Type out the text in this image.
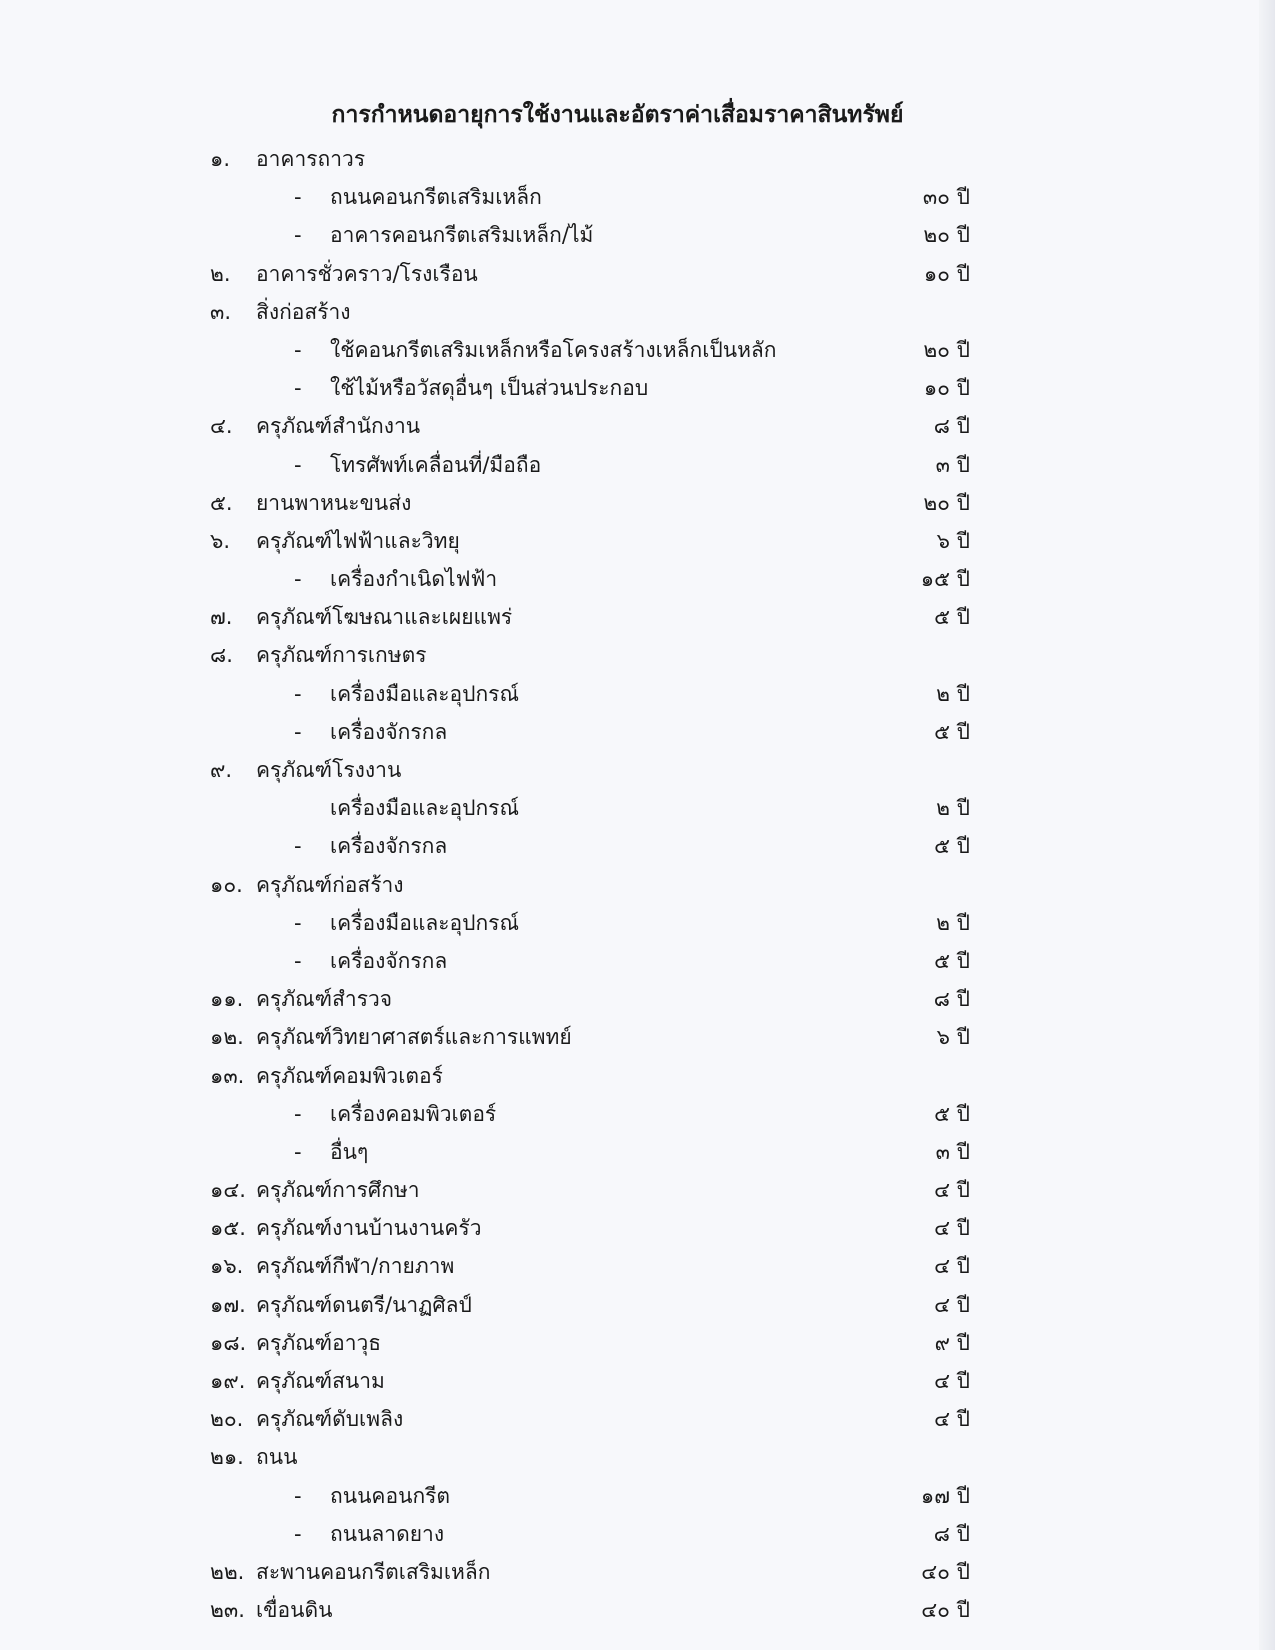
การกำหนดอายุการใช้งานและอัตราค่าเสื่อมราคาสินทรัพย์
๑. อาคารถาวร
- ถนนคอนกรีตเสริมเหล็ก	๓๐ ปี
- อาคารคอนกรีตเสริมเหล็ก/ไม้	๒๐ ปี
๒. อาคารชั่วคราว/โรงเรือน	๑๐ ปี
๓. สิ่งก่อสร้าง
- ใช้คอนกรีตเสริมเหล็กหรือโครงสร้างเหล็กเป็นหลัก	๒๐ ปี
- ใช้ไม้หรือวัสดุอื่นๆ เป็นส่วนประกอบ	๑๐ ปี
๔. ครุภัณฑ์สำนักงาน	๘ ปี
- โทรศัพท์เคลื่อนที่/มือถือ	๓ ปี
๕. ยานพาหนะขนส่ง	๒๐ ปี
๖. ครุภัณฑ์ไฟฟ้าและวิทยุ	๖ ปี
- เครื่องกำเนิดไฟฟ้า	๑๕ ปี
๗. ครุภัณฑ์โฆษณาและเผยแพร่	๕ ปี
๘. ครุภัณฑ์การเกษตร
- เครื่องมือและอุปกรณ์	๒ ปี
- เครื่องจักรกล	๕ ปี
๙. ครุภัณฑ์โรงงาน
เครื่องมือและอุปกรณ์	๒ ปี
- เครื่องจักรกล	๕ ปี
๑๐. ครุภัณฑ์ก่อสร้าง
- เครื่องมือและอุปกรณ์	๒ ปี
- เครื่องจักรกล	๕ ปี
๑๑. ครุภัณฑ์สำรวจ	๘ ปี
๑๒. ครุภัณฑ์วิทยาศาสตร์และการแพทย์	๖ ปี
๑๓. ครุภัณฑ์คอมพิวเตอร์
- เครื่องคอมพิวเตอร์	๕ ปี
- อื่นๆ	๓ ปี
๑๔. ครุภัณฑ์การศึกษา	๔ ปี
๑๕. ครุภัณฑ์งานบ้านงานครัว	๔ ปี
๑๖. ครุภัณฑ์กีฬา/กายภาพ	๔ ปี
๑๗. ครุภัณฑ์ดนตรี/นาฏศิลป์	๔ ปี
๑๘. ครุภัณฑ์อาวุธ	๙ ปี
๑๙. ครุภัณฑ์สนาม	๔ ปี
๒๐. ครุภัณฑ์ดับเพลิง	๔ ปี
๒๑. ถนน
- ถนนคอนกรีต	๑๗ ปี
- ถนนลาดยาง	๘ ปี
๒๒. สะพานคอนกรีตเสริมเหล็ก	๔๐ ปี
๒๓. เขื่อนดิน	๔๐ ปี
